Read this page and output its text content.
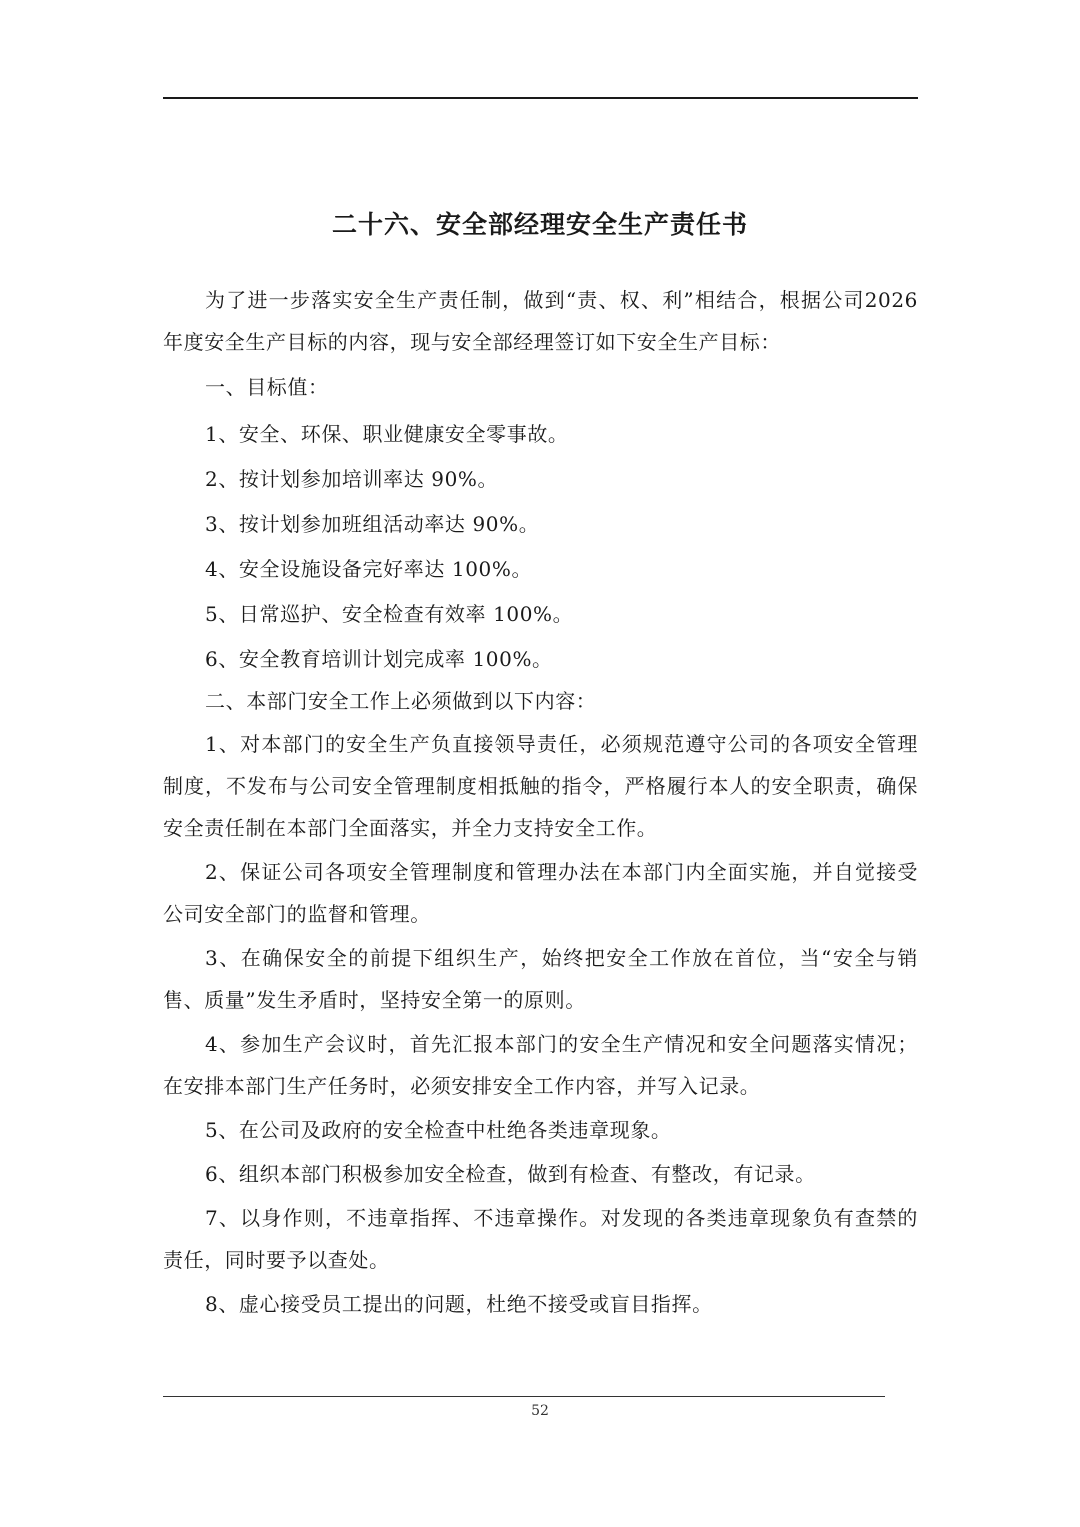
二十六、安全部经理安全生产责任书

为了进一步落实安全生产责任制，做到“责、权、利”相结合，根据公司2026年度安全生产目标的内容，现与安全部经理签订如下安全生产目标：

一、目标值：

1、安全、环保、职业健康安全零事故。

2、按计划参加培训率达 90%。

3、按计划参加班组活动率达 90%。

4、安全设施设备完好率达 100%。

5、日常巡护、安全检查有效率 100%。

6、安全教育培训计划完成率 100%。

二、本部门安全工作上必须做到以下内容：

1、对本部门的安全生产负直接领导责任，必须规范遵守公司的各项安全管理制度，不发布与公司安全管理制度相抵触的指令，严格履行本人的安全职责，确保安全责任制在本部门全面落实，并全力支持安全工作。

2、保证公司各项安全管理制度和管理办法在本部门内全面实施，并自觉接受公司安全部门的监督和管理。

3、在确保安全的前提下组织生产，始终把安全工作放在首位，当“安全与销售、质量”发生矛盾时，坚持安全第一的原则。

4、参加生产会议时，首先汇报本部门的安全生产情况和安全问题落实情况；在安排本部门生产任务时，必须安排安全工作内容，并写入记录。

5、在公司及政府的安全检查中杜绝各类违章现象。

6、组织本部门积极参加安全检查，做到有检查、有整改，有记录。

7、以身作则，不违章指挥、不违章操作。对发现的各类违章现象负有查禁的责任，同时要予以查处。

8、虚心接受员工提出的问题，杜绝不接受或盲目指挥。

52
